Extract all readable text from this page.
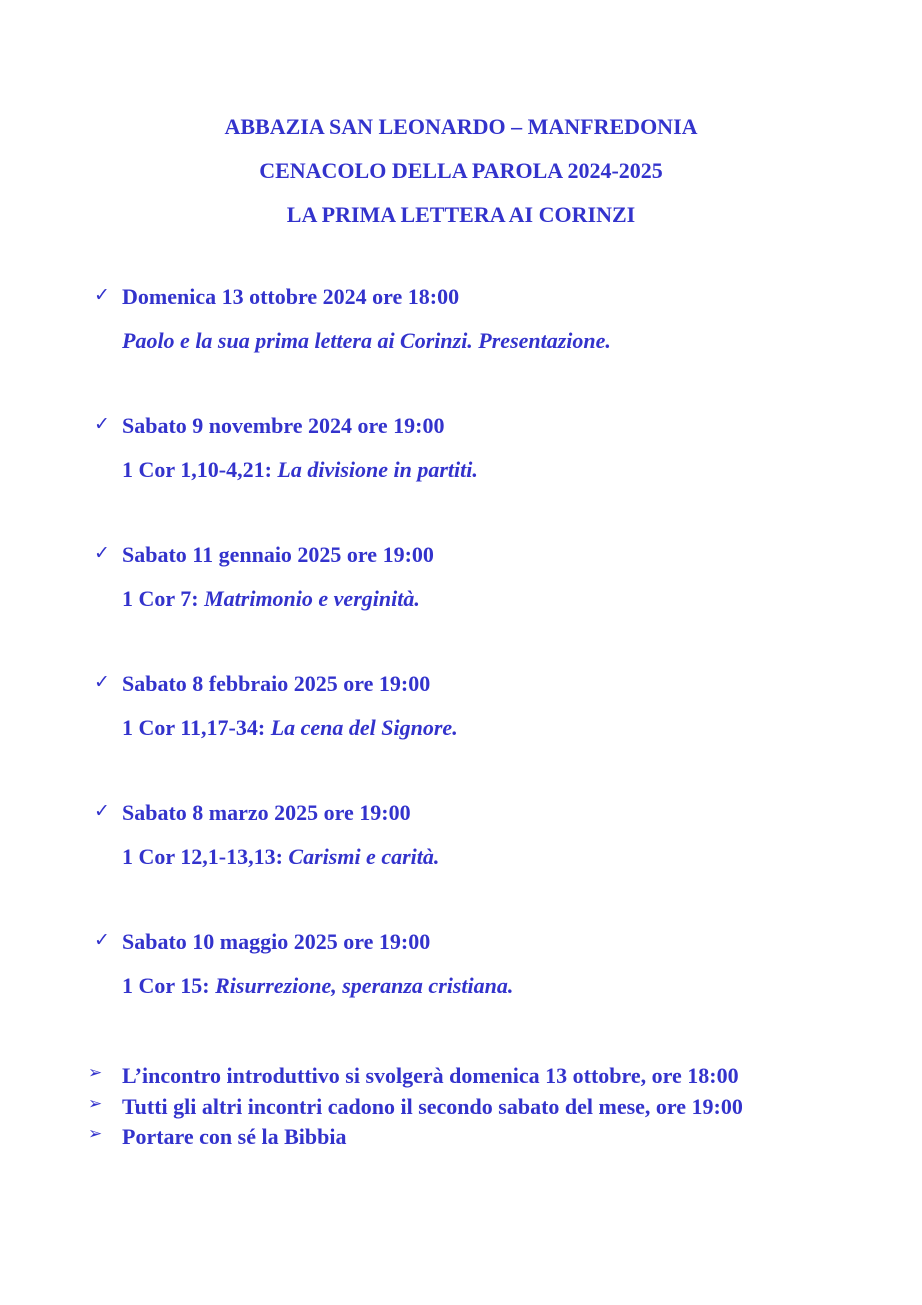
ABBAZIA SAN LEONARDO – MANFREDONIA
CENACOLO DELLA PAROLA 2024-2025
LA PRIMA LETTERA AI CORINZI
✓ Domenica 13 ottobre 2024 ore 18:00
Paolo e la sua prima lettera ai Corinzi. Presentazione.
✓ Sabato 9 novembre 2024 ore 19:00
1 Cor 1,10-4,21: La divisione in partiti.
✓ Sabato 11 gennaio 2025 ore 19:00
1 Cor 7: Matrimonio e verginità.
✓ Sabato 8 febbraio 2025 ore 19:00
1 Cor 11,17-34: La cena del Signore.
✓ Sabato 8 marzo 2025 ore 19:00
1 Cor 12,1-13,13: Carismi e carità.
✓ Sabato 10 maggio 2025 ore 19:00
1 Cor 15: Risurrezione, speranza cristiana.
➢ L’incontro introduttivo si svolgerà domenica 13 ottobre, ore 18:00
➢ Tutti gli altri incontri cadono il secondo sabato del mese, ore 19:00
➢ Portare con sé la Bibbia
